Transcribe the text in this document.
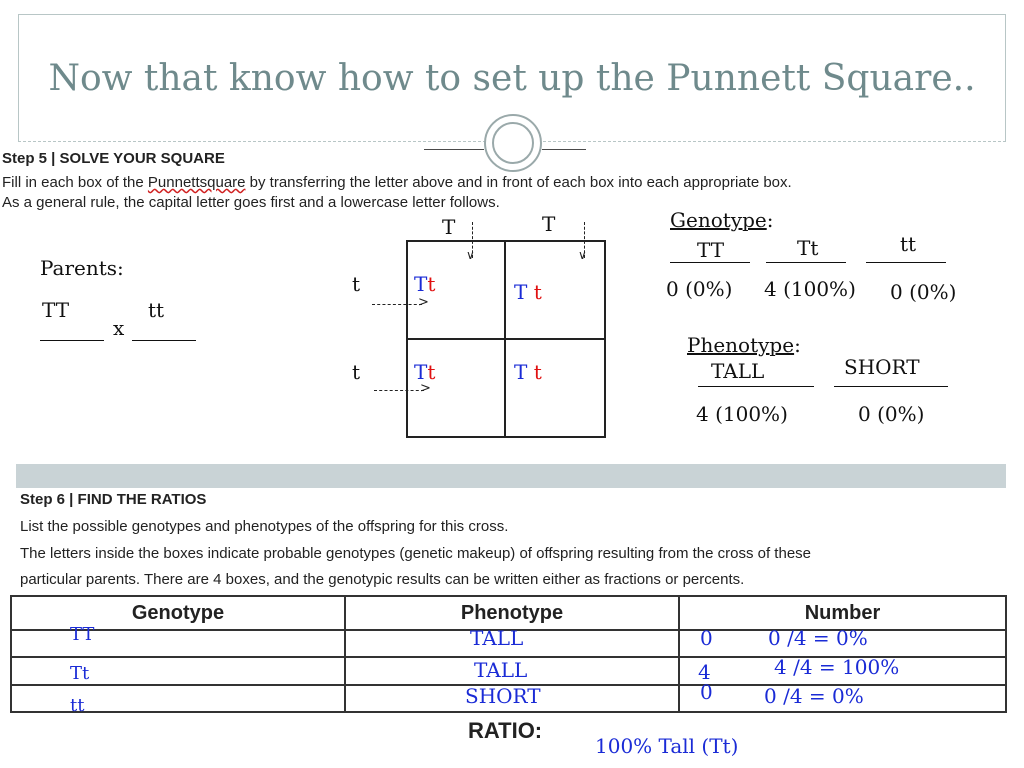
Now that know how to set up the Punnett Square..
Step 5 | SOLVE YOUR SQUARE
Fill in each box of the Punnettsquare by transferring the letter above and in front of each box into each appropriate box.
As a general rule, the capital letter goes first and a lowercase letter follows.
Parents:
TT
x
tt
T	T
∨	∨
t
t
>
>
Tt	T t
Tt	T t
Genotype:
TT	Tt	tt
0 (0%) 4 (100%) 0 (0%)
Phenotype:
TALL	SHORT
4 (100%)	0 (0%)
Step 6 | FIND THE RATIOS
List the possible genotypes and phenotypes of the offspring for this cross.
The letters inside the boxes indicate probable genotypes (genetic makeup) of offspring resulting from the cross of these
particular parents. There are 4 boxes, and the genotypic results can be written either as fractions or percents.
Genotype	Phenotype	Number

TT	TALL	0	0 /4 = 0%
Tt	TALL	4	4 /4 = 100%
tt	SHORT	0	0 /4 = 0%
RATIO:
100% Tall (Tt)
